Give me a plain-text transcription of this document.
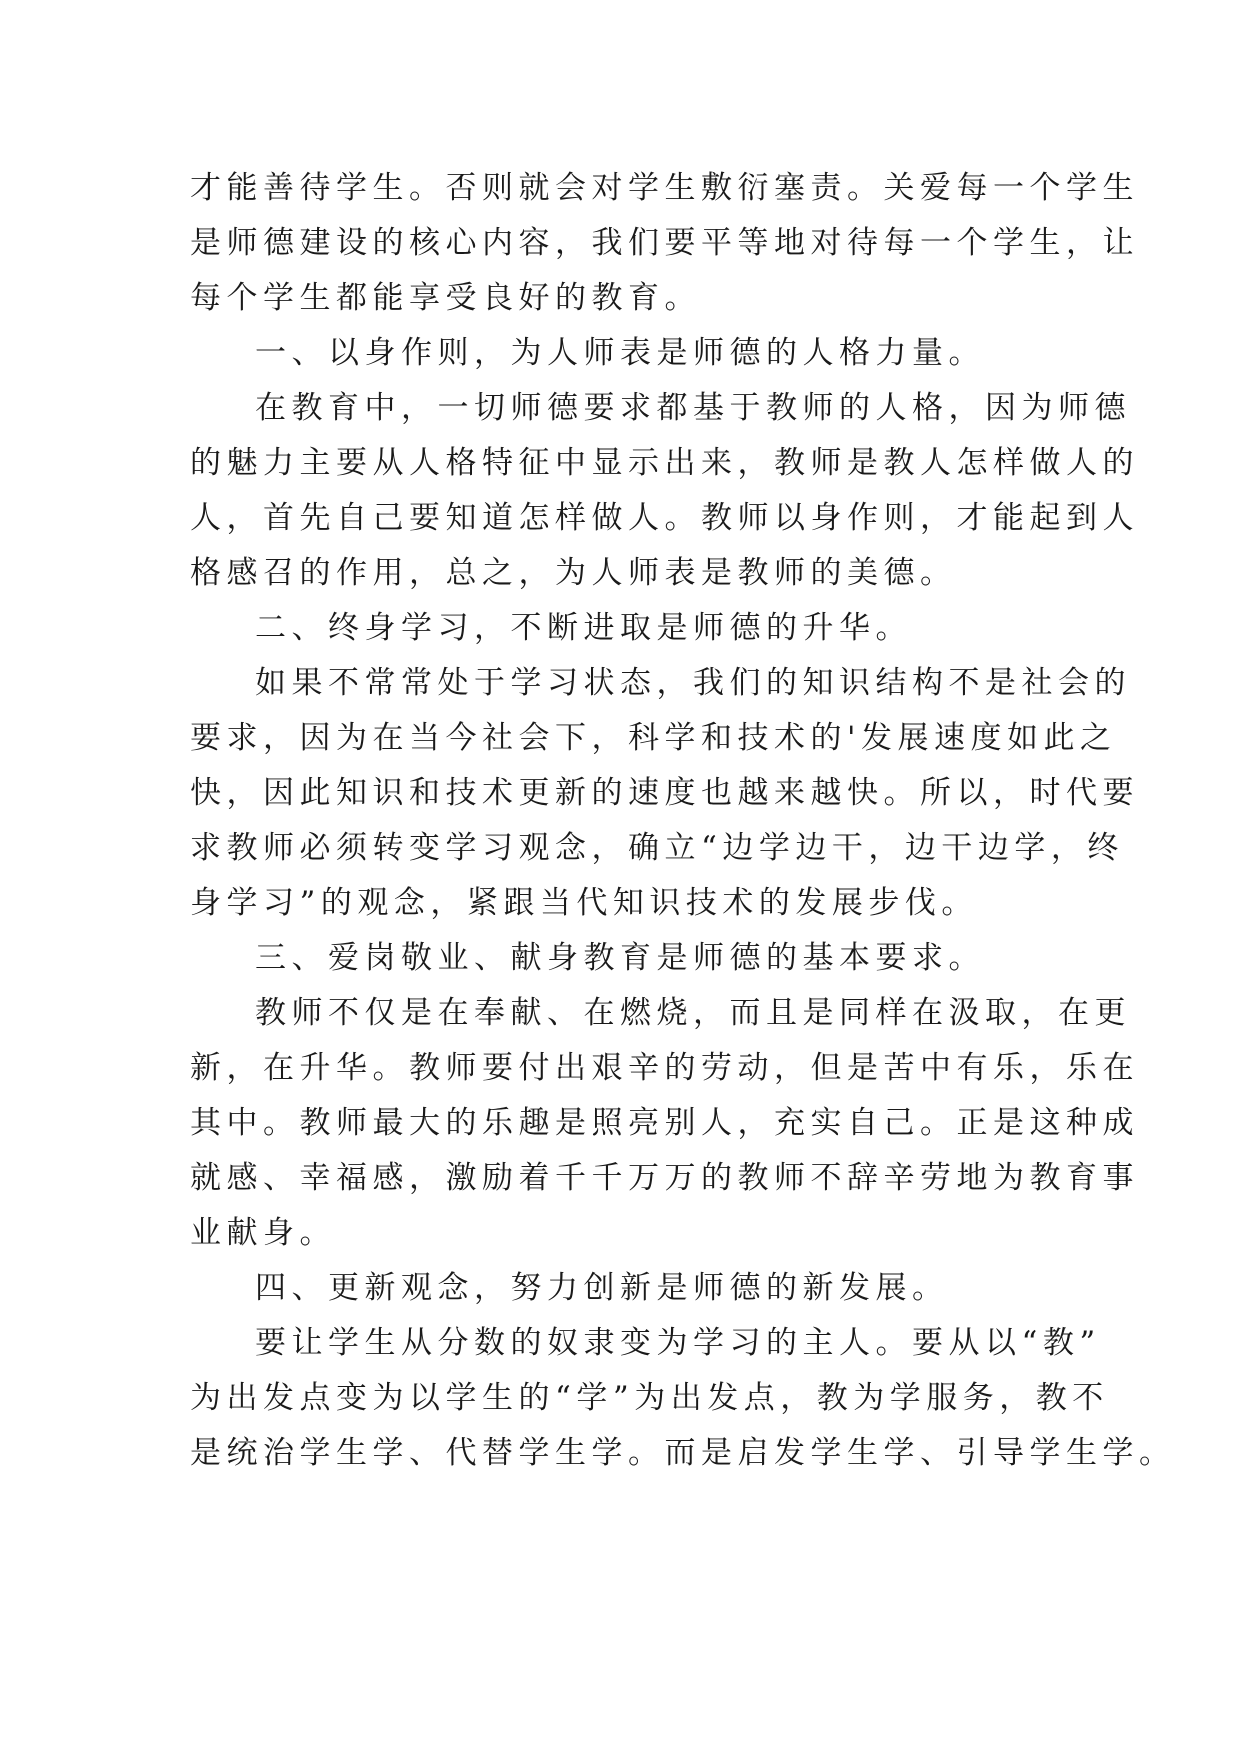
才能善待学生。否则就会对学生敷衍塞责。关爱每一个学生
是师德建设的核心内容，我们要平等地对待每一个学生，让
每个学生都能享受良好的教育。
一、以身作则，为人师表是师德的人格力量。
在教育中，一切师德要求都基于教师的人格，因为师德
的魅力主要从人格特征中显示出来，教师是教人怎样做人的
人，首先自己要知道怎样做人。教师以身作则，才能起到人
格感召的作用，总之，为人师表是教师的美德。
二、终身学习，不断进取是师德的升华。
如果不常常处于学习状态，我们的知识结构不是社会的
要求，因为在当今社会下，科学和技术的'发展速度如此之
快，因此知识和技术更新的速度也越来越快。所以，时代要
求教师必须转变学习观念，确立“边学边干，边干边学，终
身学习”的观念，紧跟当代知识技术的发展步伐。
三、爱岗敬业、献身教育是师德的基本要求。
教师不仅是在奉献、在燃烧，而且是同样在汲取，在更
新，在升华。教师要付出艰辛的劳动，但是苦中有乐，乐在
其中。教师最大的乐趣是照亮别人，充实自己。正是这种成
就感、幸福感，激励着千千万万的教师不辞辛劳地为教育事
业献身。
四、更新观念，努力创新是师德的新发展。
要让学生从分数的奴隶变为学习的主人。要从以“教”
为出发点变为以学生的“学”为出发点，教为学服务，教不
是统治学生学、代替学生学。而是启发学生学、引导学生学。
